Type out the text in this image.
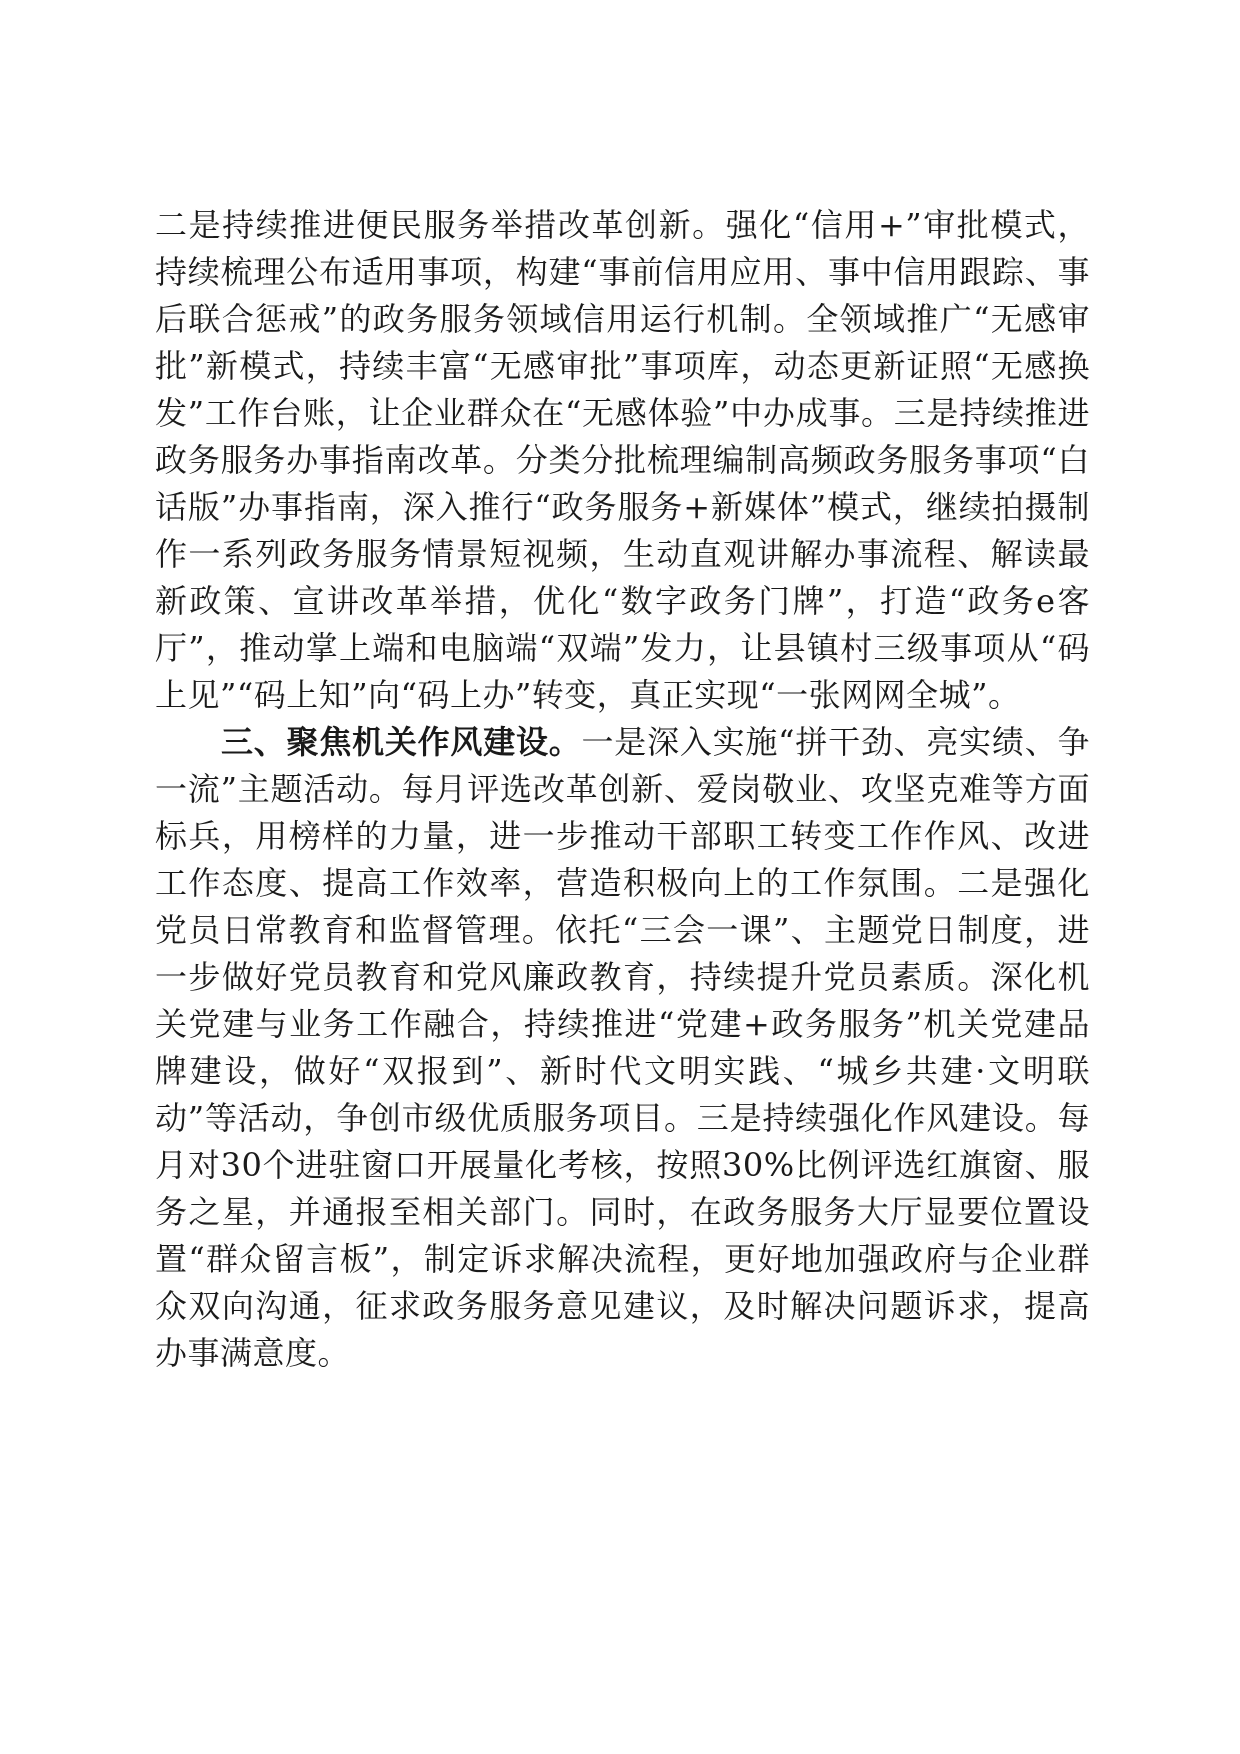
二是持续推进便民服务举措改革创新。强化“信用+”审批模式，持续梳理公布适用事项，构建“事前信用应用、事中信用跟踪、事后联合惩戒”的政务服务领域信用运行机制。全领域推广“无感审批”新模式，持续丰富“无感审批”事项库，动态更新证照“无感换发”工作台账，让企业群众在“无感体验”中办成事。三是持续推进政务服务办事指南改革。分类分批梳理编制高频政务服务事项“白话版”办事指南，深入推行“政务服务+新媒体”模式，继续拍摄制作一系列政务服务情景短视频，生动直观讲解办事流程、解读最新政策、宣讲改革举措，优化“数字政务门牌”，打造“政务e客厅”，推动掌上端和电脑端“双端”发力，让县镇村三级事项从“码上见”“码上知”向“码上办”转变，真正实现“一张网网全城”。

三、聚焦机关作风建设。一是深入实施“拼干劲、亮实绩、争一流”主题活动。每月评选改革创新、爱岗敬业、攻坚克难等方面标兵，用榜样的力量，进一步推动干部职工转变工作作风、改进工作态度、提高工作效率，营造积极向上的工作氛围。二是强化党员日常教育和监督管理。依托“三会一课”、主题党日制度，进一步做好党员教育和党风廉政教育，持续提升党员素质。深化机关党建与业务工作融合，持续推进“党建+政务服务”机关党建品牌建设，做好“双报到”、新时代文明实践、“城乡共建·文明联动”等活动，争创市级优质服务项目。三是持续强化作风建设。每月对30个进驻窗口开展量化考核，按照30%比例评选红旗窗、服务之星，并通报至相关部门。同时，在政务服务大厅显要位置设置“群众留言板”，制定诉求解决流程，更好地加强政府与企业群众双向沟通，征求政务服务意见建议，及时解决问题诉求，提高办事满意度。
